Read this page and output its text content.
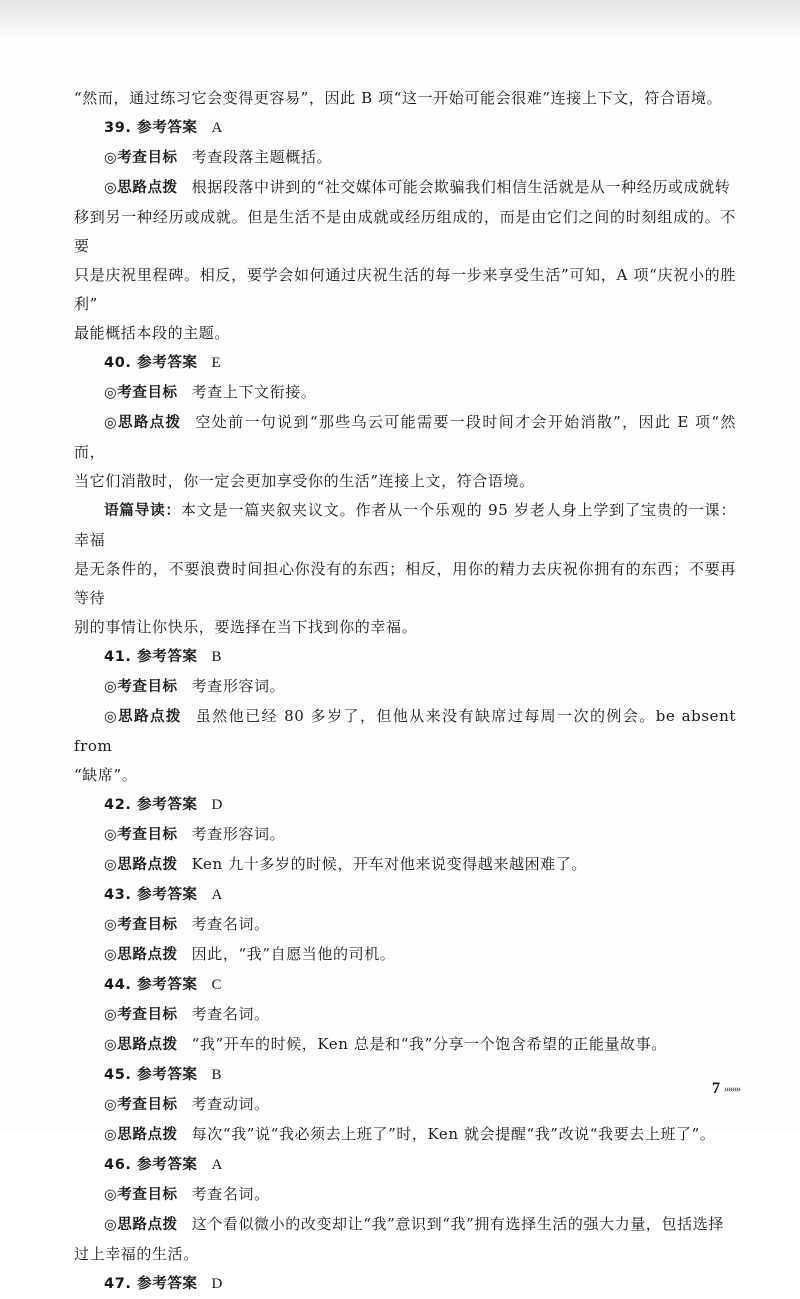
“然而，通过练习它会变得更容易”，因此 B 项“这一开始可能会很难”连接上下文，符合语境。

39. 参考答案 A

◎考查目标 考查段落主题概括。

◎思路点拨 根据段落中讲到的“社交媒体可能会欺骗我们相信生活就是从一种经历或成就转

移到另一种经历或成就。但是生活不是由成就或经历组成的，而是由它们之间的时刻组成的。不要

只是庆祝里程碑。相反，要学会如何通过庆祝生活的每一步来享受生活”可知，A 项“庆祝小的胜利”

最能概括本段的主题。

40. 参考答案 E

◎考查目标 考查上下文衔接。

◎思路点拨 空处前一句说到“那些乌云可能需要一段时间才会开始消散”，因此 E 项“然而，

当它们消散时，你一定会更加享受你的生活”连接上文，符合语境。

语篇导读：本文是一篇夹叙夹议文。作者从一个乐观的 95 岁老人身上学到了宝贵的一课：幸福

是无条件的，不要浪费时间担心你没有的东西；相反，用你的精力去庆祝你拥有的东西；不要再等待

别的事情让你快乐，要选择在当下找到你的幸福。

41. 参考答案 B

◎考查目标 考查形容词。

◎思路点拨 虽然他已经 80 多岁了，但他从来没有缺席过每周一次的例会。be absent from

“缺席”。

42. 参考答案 D

◎考查目标 考查形容词。

◎思路点拨 Ken 九十多岁的时候，开车对他来说变得越来越困难了。

43. 参考答案 A

◎考查目标 考查名词。

◎思路点拨 因此，“我”自愿当他的司机。

44. 参考答案 C

◎考查目标 考查名词。

◎思路点拨 “我”开车的时候，Ken 总是和“我”分享一个饱含希望的正能量故事。

45. 参考答案 B

◎考查目标 考查动词。

◎思路点拨 每次“我”说“我必须去上班了”时，Ken 就会提醒“我”改说“我要去上班了”。

46. 参考答案 A

◎考查目标 考查名词。

◎思路点拨 这个看似微小的改变却让“我”意识到“我”拥有选择生活的强大力量，包括选择

过上幸福的生活。

47. 参考答案 D

7 »»»»
